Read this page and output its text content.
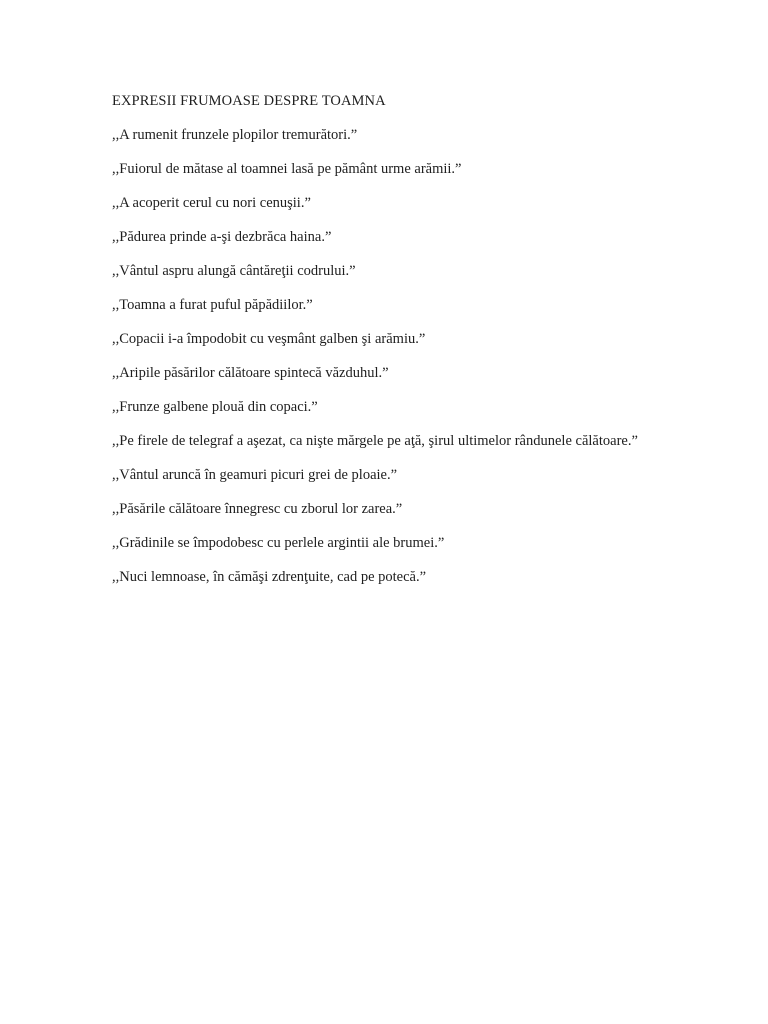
EXPRESII FRUMOASE DESPRE TOAMNA
,,A rumenit frunzele plopilor tremurători.”
,,Fuiorul de mătase al toamnei lasă pe pământ urme arămii.”
,,A acoperit cerul cu nori cenuşii.”
,,Pădurea prinde a-şi dezbrăca haina.”
,,Vântul aspru alungă cântăreţii codrului.”
,,Toamna a furat puful păpădiilor.”
,,Copacii i-a împodobit cu veşmânt galben şi arămiu.”
,,Aripile păsărilor călătoare spintecă văzduhul.”
,,Frunze galbene plouă din copaci.”
,,Pe firele de telegraf a aşezat, ca nişte mărgele pe aţă, şirul ultimelor rândunele călătoare.”
,,Vântul aruncă în geamuri picuri grei de ploaie.”
,,Păsările călătoare înnegresc cu zborul lor zarea.”
,,Grădinile se împodobesc cu perlele argintii ale brumei.”
,,Nuci lemnoase, în cămăşi zdrenţuite, cad pe potecă.”
